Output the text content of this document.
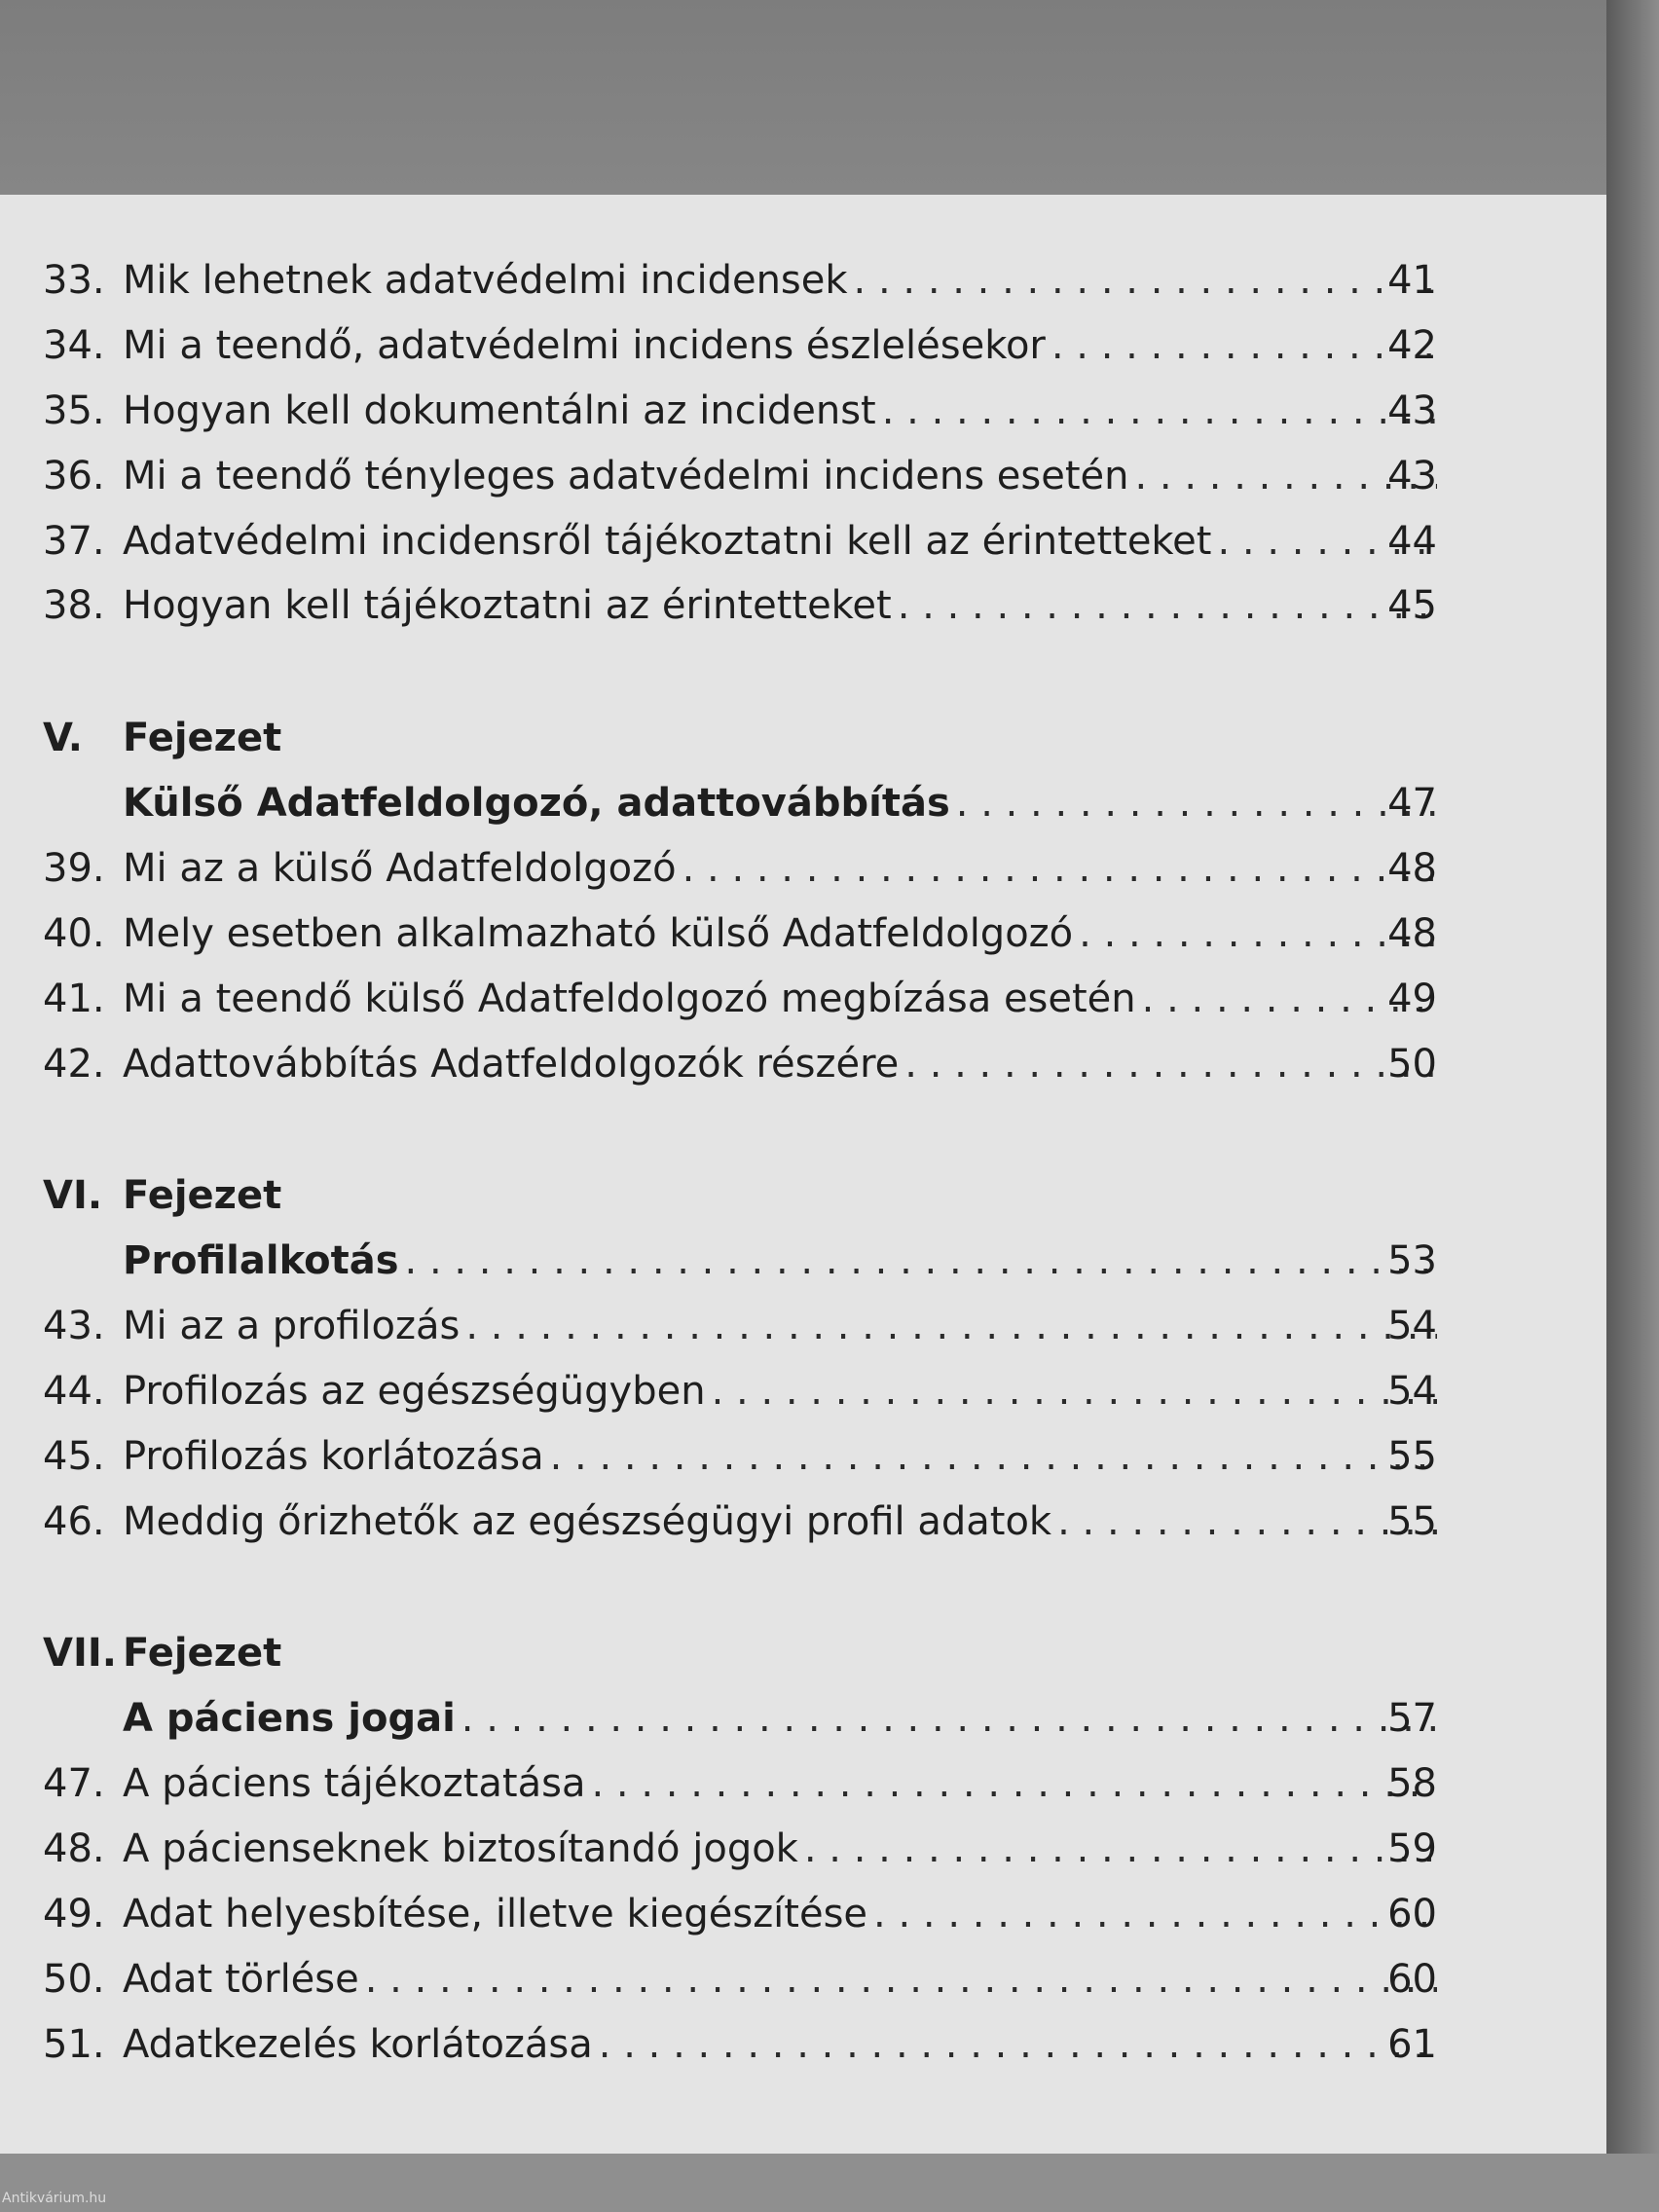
33. Mik lehetnek adatvédelmi incidensek . . .	41
34. Mi a teendő, adatvédelmi incidens észlelésekor . . .	42
35. Hogyan kell dokumentálni az incidenst . . .	43
36. Mi a teendő tényleges adatvédelmi incidens esetén . . .	43
37. Adatvédelmi incidensről tájékoztatni kell az érintetteket . . .	44
38. Hogyan kell tájékoztatni az érintetteket . . .	45
V.	Fejezet
Külső Adatfeldolgozó, adattovábbítás . . .	47
39. Mi az a külső Adatfeldolgozó . . .	48
40. Mely esetben alkalmazható külső Adatfeldolgozó . . .	48
41. Mi a teendő külső Adatfeldolgozó megbízása esetén . . .	49
42. Adattovábbítás Adatfeldolgozók részére . . .	50
VI. Fejezet
Profilalkotás . . .	53
43. Mi az a profilozás . . .	54
44. Profilozás az egészségügyben . . .	54
45. Profilozás korlátozása . . .	55
46. Meddig őrizhetők az egészségügyi profil adatok . . .	55
VII. Fejezet
A páciens jogai . . .	57
47. A páciens tájékoztatása . . .	58
48. A pácienseknek biztosítandó jogok . . .	59
49. Adat helyesbítése, illetve kiegészítése . . .	60
50. Adat törlése . . .	60
51. Adatkezelés korlátozása . . .	61
Antikvárium.hu
